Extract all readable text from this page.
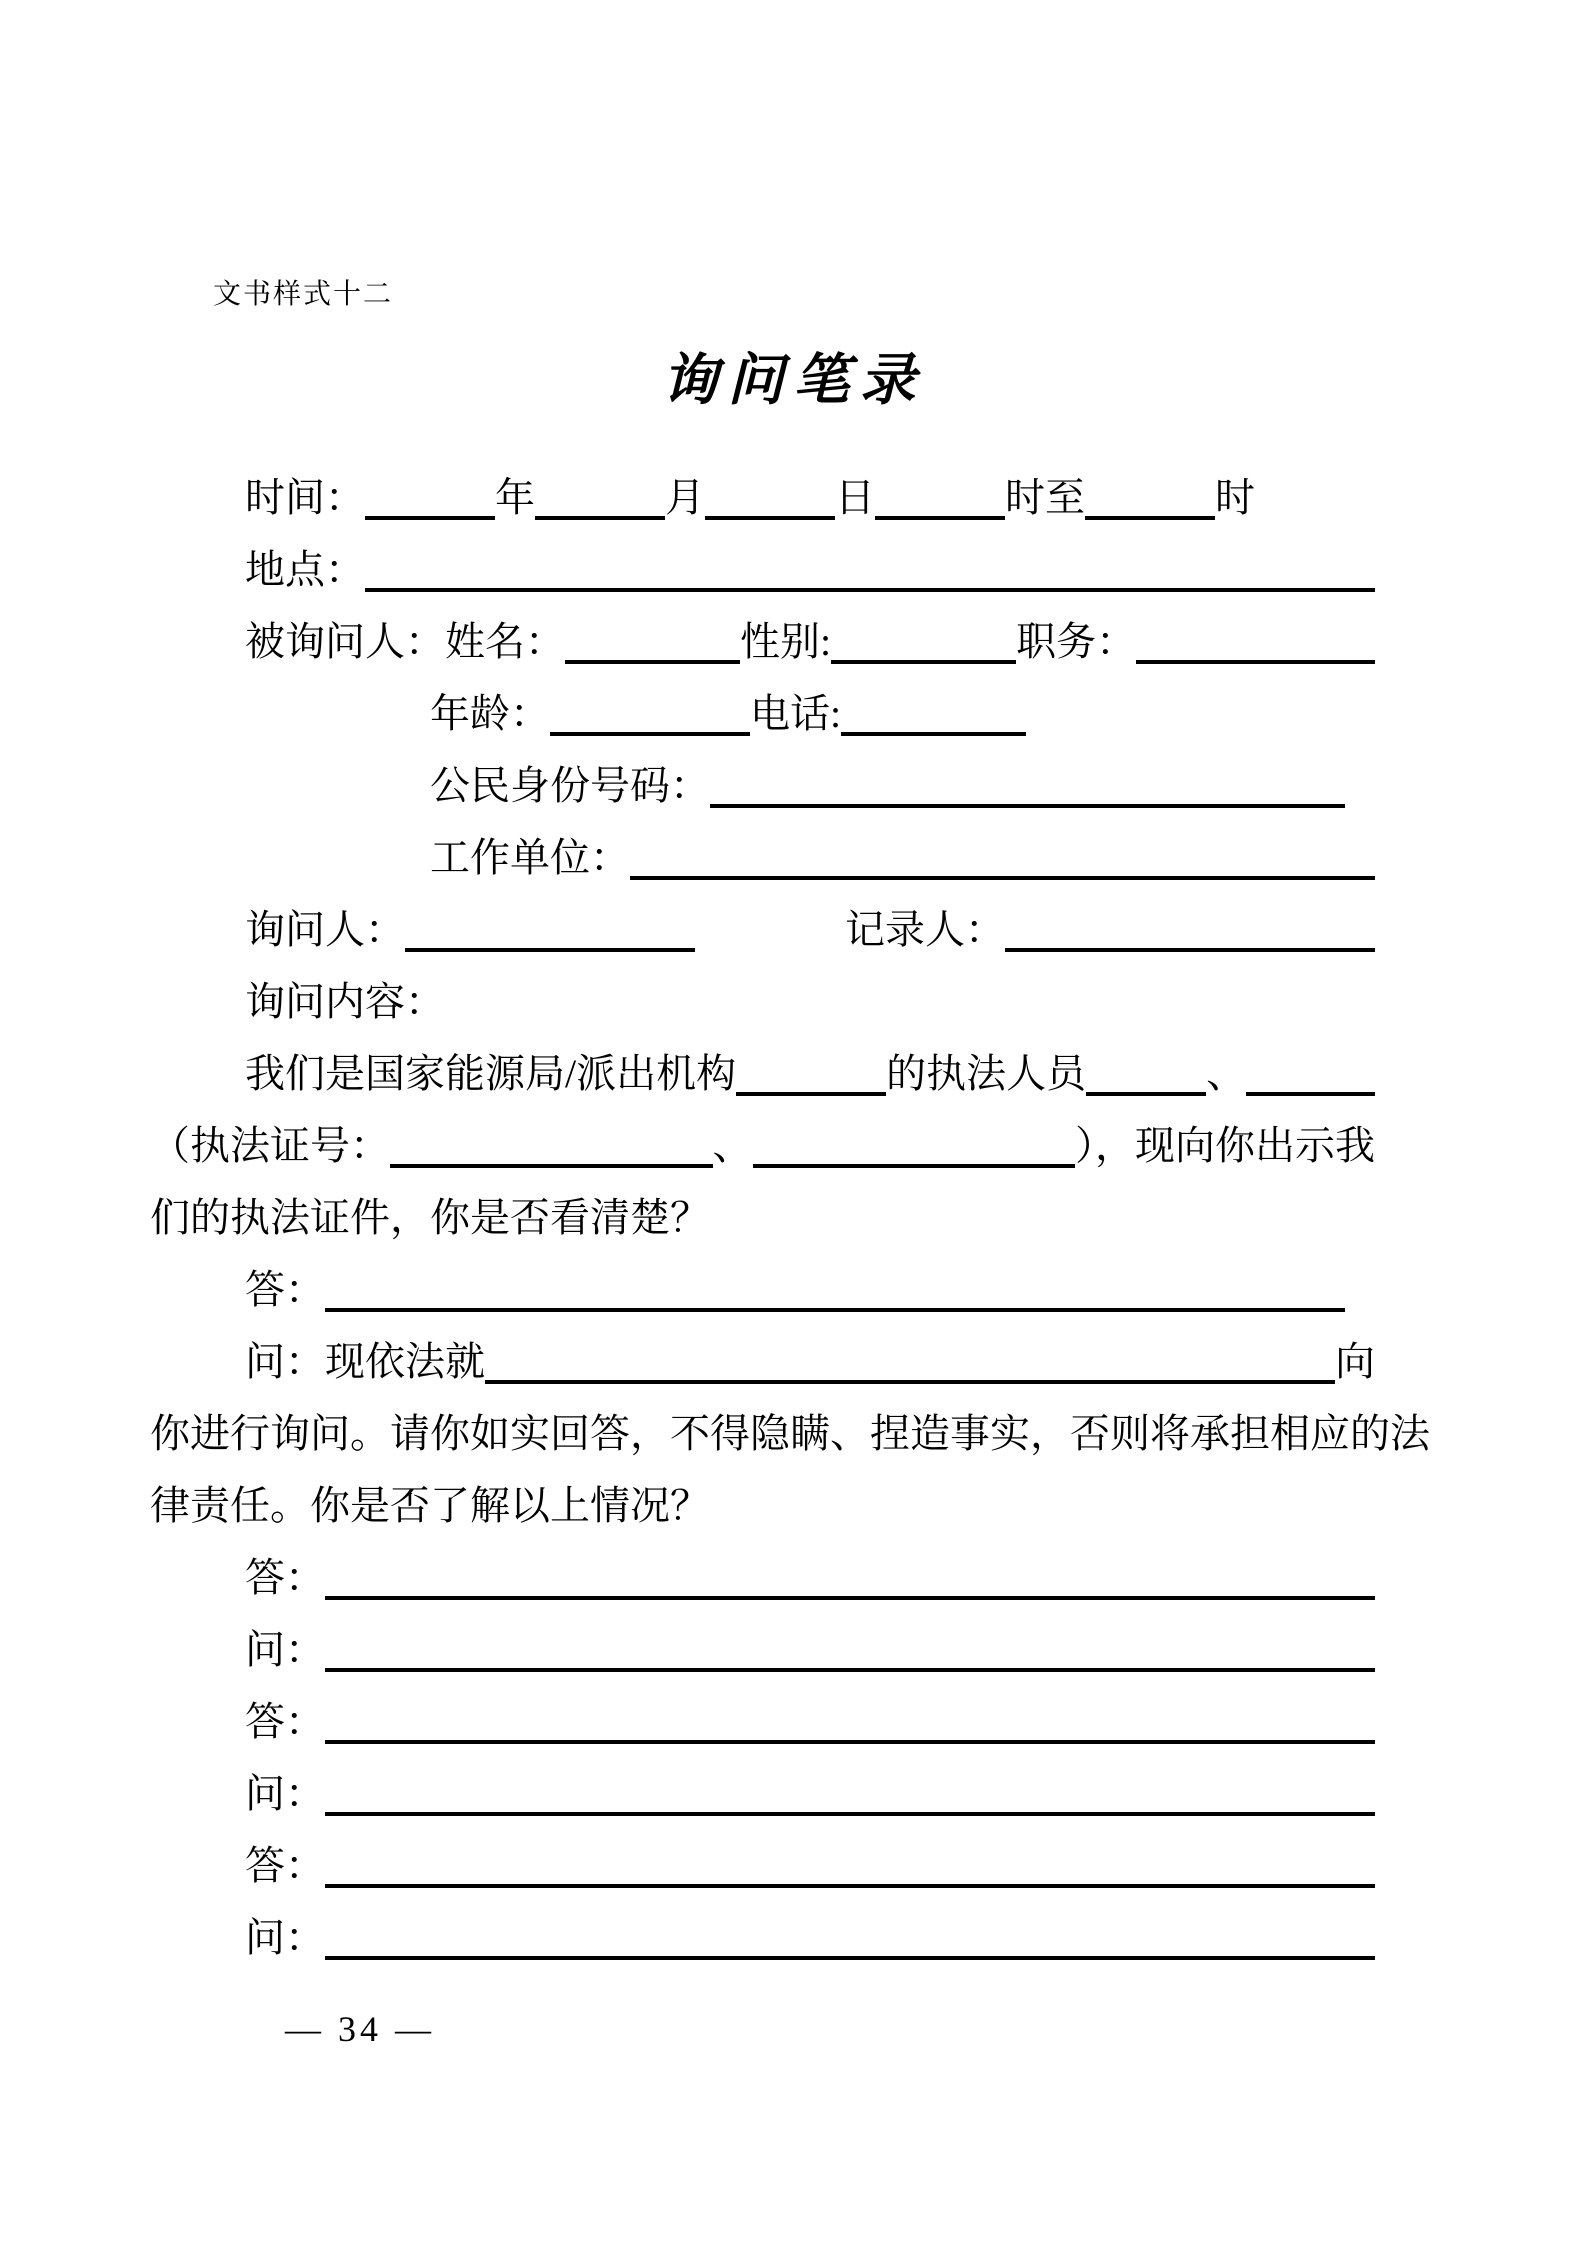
文书样式十二
询问笔录
时间：	年	月	日	时至	时
地点：
被询问人： 姓名：	性别:	职务：
年龄：	电话:
公民身份号码：
工作单位：
询问人：	记录人：
询问内容：
我们是国家能源局/派出机构	的执法人员	、
（执法证号：	、	），现向你出示我
们的执法证件，你是否看清楚？
答：
问：现依法就	向
你进行询问。请你如实回答，不得隐瞒、捏造事实，否则将承担相应的法
律责任。你是否了解以上情况？
答：
问：
答：
问：
答：
问：
— 34 —
